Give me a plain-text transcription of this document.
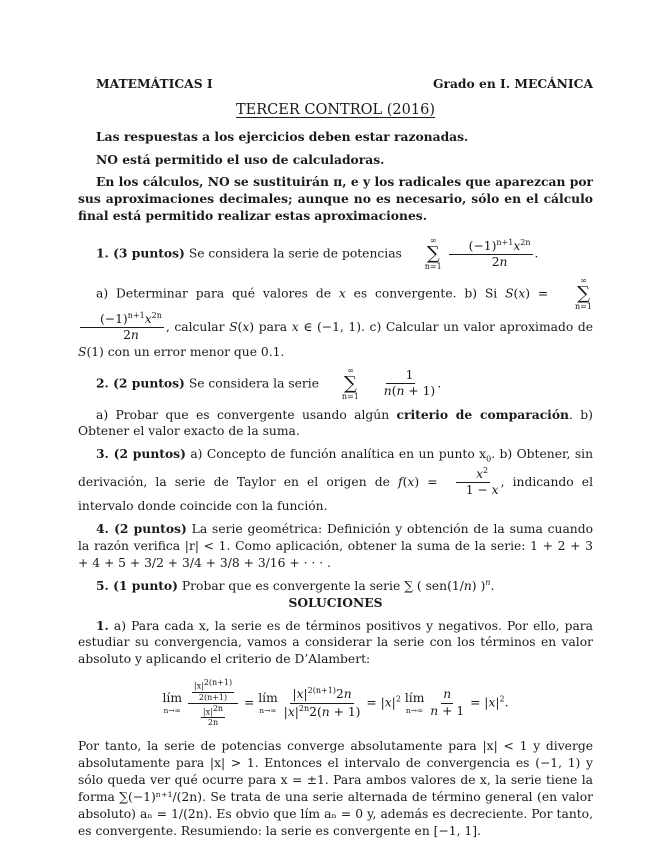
MATEMÁTICAS I	Grado en I. MECÁNICA
TERCER CONTROL (2016)

Las respuestas a los ejercicios deben estar razonadas.

NO está permitido el uso de calculadoras.

En los cálculos, NO se sustituirán π, e y los radicales que aparezcan por sus aproximaciones decimales; aunque no es necesario, sólo en el cálculo final está permitido realizar estas aproximaciones.

1. (3 puntos) Se considera la serie de potencias
∞
∑
n=1
$\frac{(-1)^{n+1}x^{2n}}{2n}$ .

a) Determinar para qué valores de x es convergente. b) Si S(x) =
∞
∑
n=1

$\frac{(-1)^{n+1}x^{2n}}{2n}$ , calcular S(x) para x ∈ (−1, 1). c) Calcular un valor aproximado de S(1) con un error menor que 0.1.

2. (2 puntos) Se considera la serie
∞
∑
n=1
$\frac{1}{n(n + 1)}$ .

a) Probar que es convergente usando algún criterio de comparación. b) Obtener el valor exacto de la suma.

3. (2 puntos) a) Concepto de función analítica en un punto $x_0$. b) Obtener, sin derivación, la serie de Taylor en el origen de $f(x) = \frac{x^2}{1 - x}$ , indicando el intervalo donde coincide con la función.

4. (2 puntos) La serie geométrica: Definición y obtención de la suma cuando la razón verifica |r| < 1. Como aplicación, obtener la suma de la serie: 1 + 2 + 3 + 4 + 5 + 3/2 + 3/4 + 3/8 + 3/16 + · · · .

5. (1 punto) Probar que es convergente la serie ∑ ( sen(1/n) )$^n$.

SOLUCIONES

1. a) Para cada x, la serie es de términos positivos y negativos. Por ello, para estudiar su convergencia, vamos a considerar la serie con los términos en valor absoluto y aplicando el criterio de D’Alambert:

lím
n→∞
$\frac{\frac{|x|2(n+1)}{2(n+1)}}{\frac{|x|2n}{2n}}$ = lím
n→∞
$\frac{|x|^{2(n+1)}2n}{|x|^{2n}2(n + 1)} = |x|^2$ lím
n→∞
$\frac{n}{n + 1} = |x|^2$.

Por tanto, la serie de potencias converge absolutamente para |x| < 1 y diverge absolutamente para |x| > 1. Entonces el intervalo de convergencia es (−1, 1) y sólo queda ver qué ocurre para x = ±1. Para ambos valores de x, la serie tiene la forma ∑(−1)ⁿ⁺¹/(2n). Se trata de una serie alternada de término general (en valor absoluto) aₙ = 1/(2n). Es obvio que lím aₙ = 0 y, además es decreciente. Por tanto, es convergente. Resumiendo: la serie es convergente en [−1, 1].
